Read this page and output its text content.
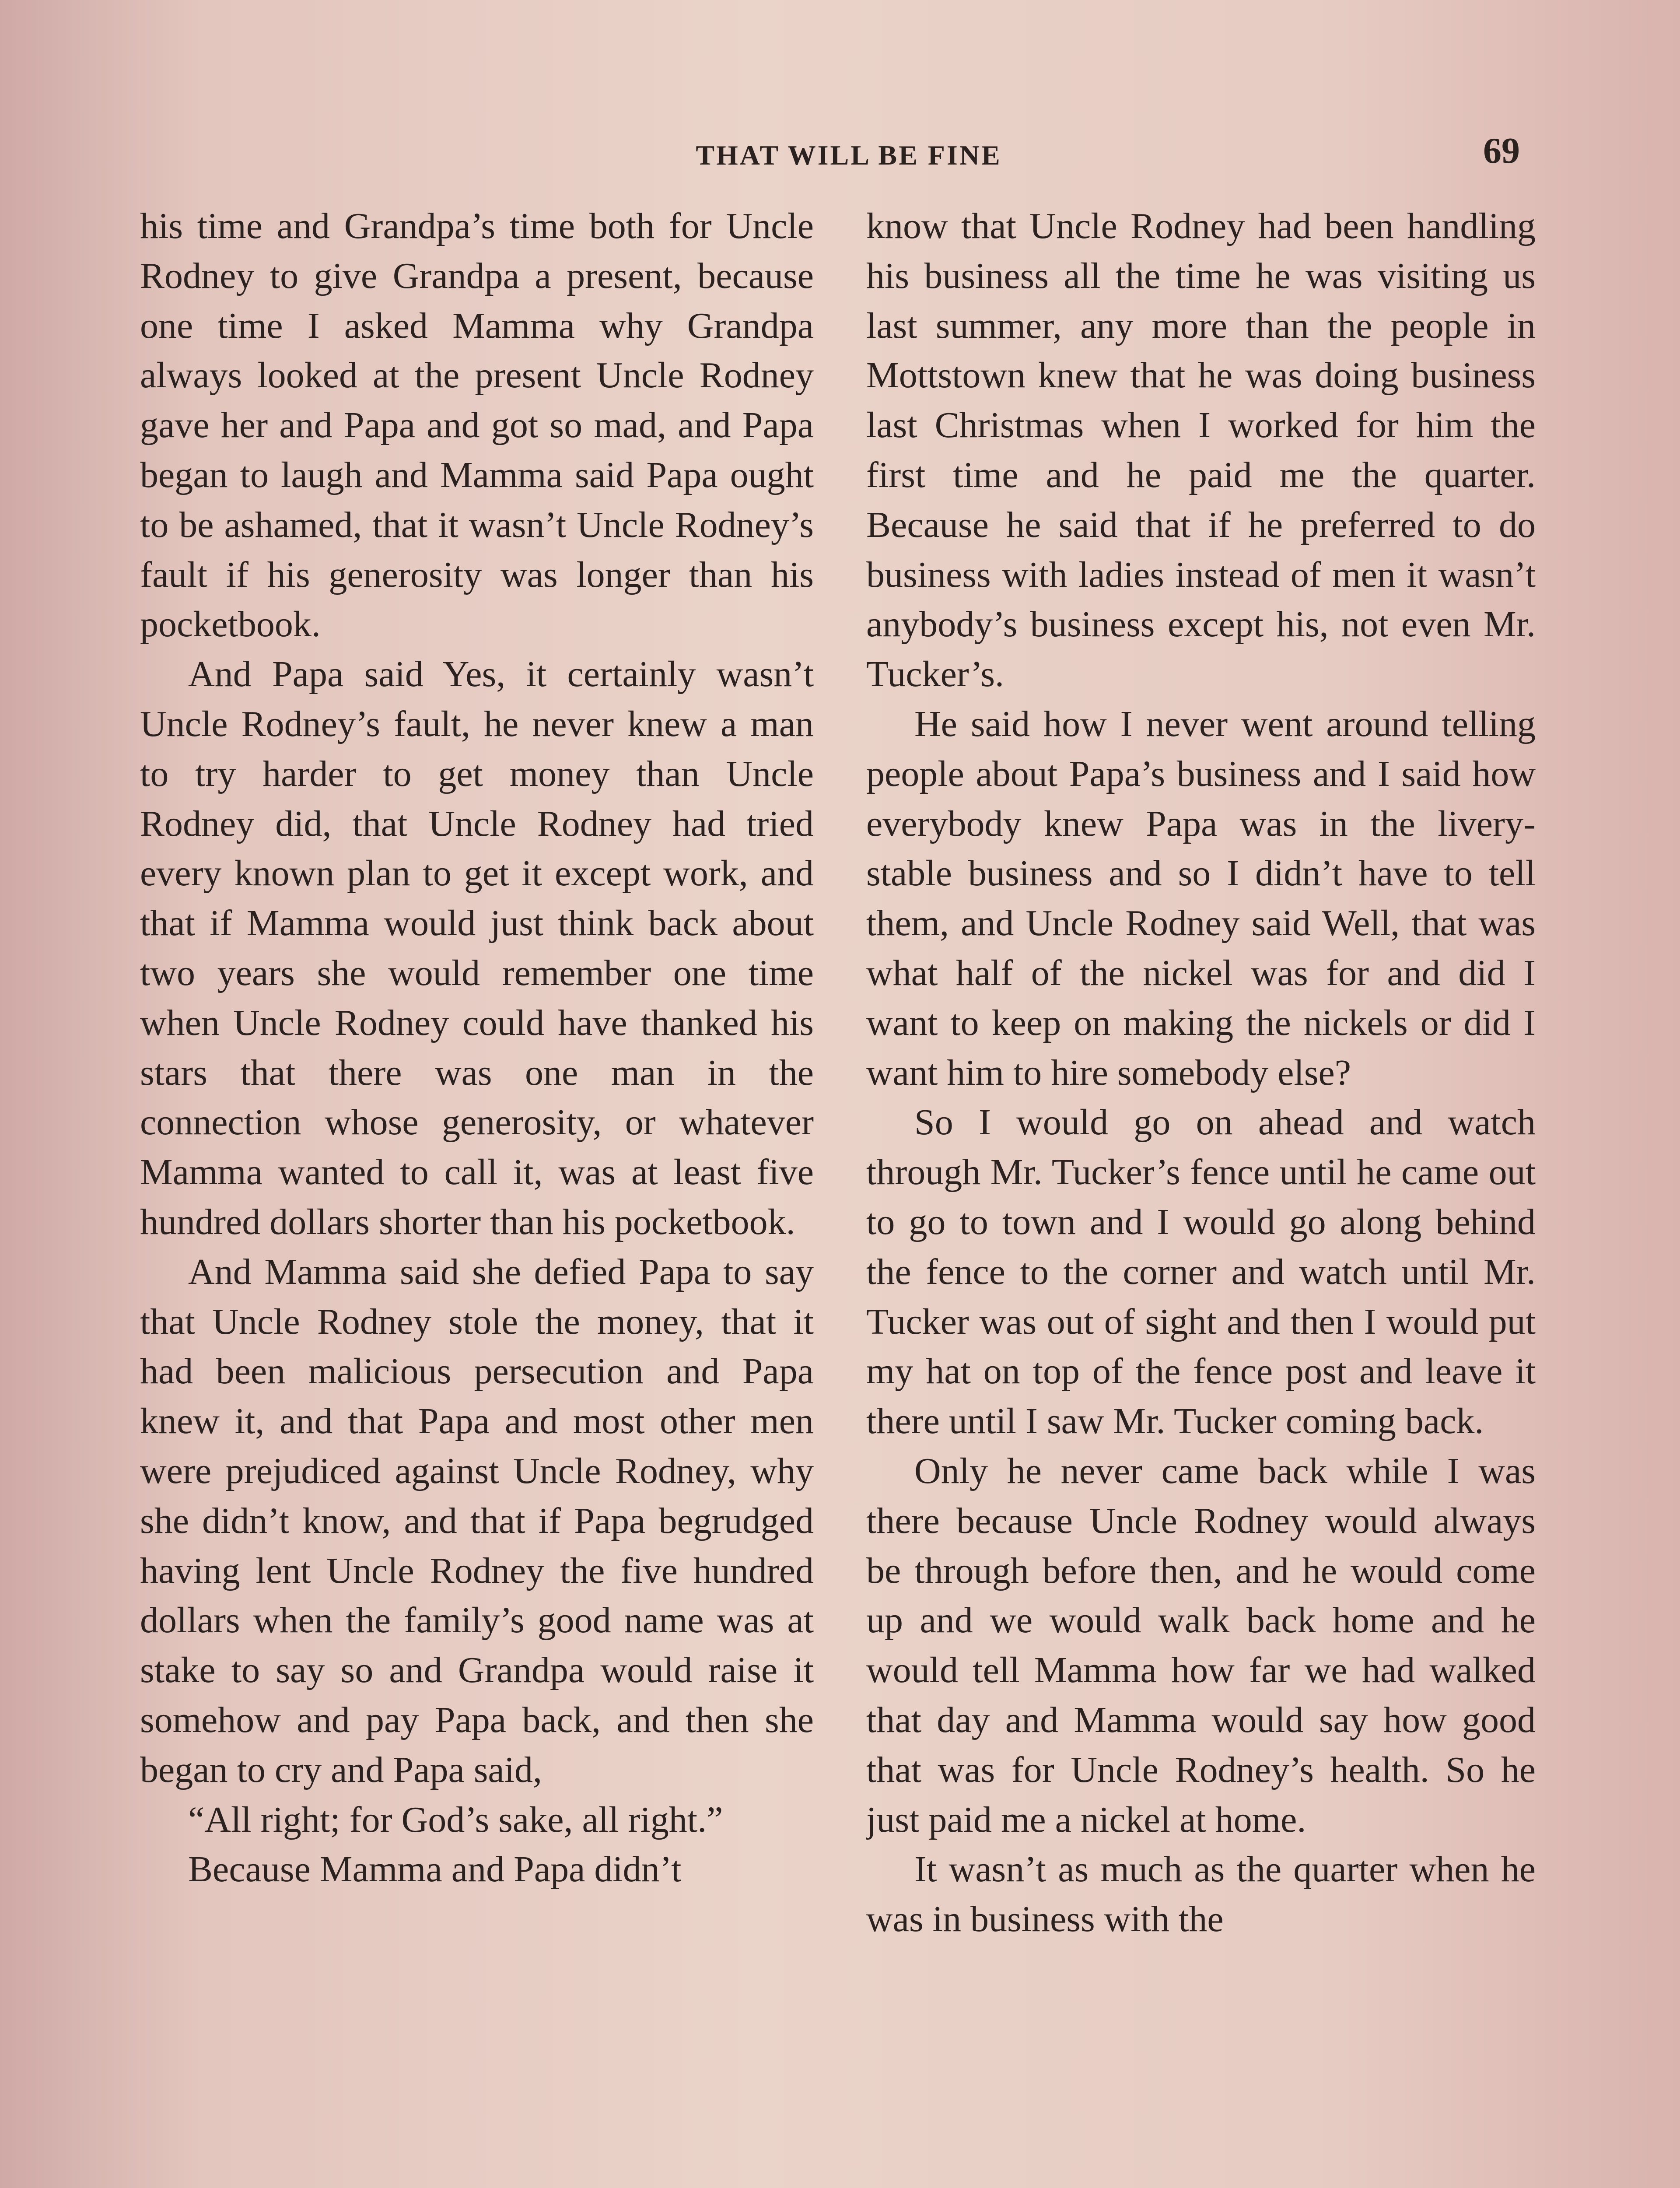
THAT WILL BE FINE	69

his time and Grandpa’s time both for Uncle Rodney to give Grandpa a present, because one time I asked Mamma why Grandpa always looked at the present Uncle Rodney gave her and Papa and got so mad, and Papa began to laugh and Mamma said Papa ought to be ashamed, that it wasn’t Uncle Rodney’s fault if his generosity was longer than his pocketbook.

And Papa said Yes, it certainly wasn’t Uncle Rodney’s fault, he never knew a man to try harder to get money than Uncle Rodney did, that Uncle Rodney had tried every known plan to get it except work, and that if Mamma would just think back about two years she would remember one time when Uncle Rodney could have thanked his stars that there was one man in the connection whose generosity, or whatever Mamma wanted to call it, was at least five hundred dollars shorter than his pocketbook.

And Mamma said she defied Papa to say that Uncle Rodney stole the money, that it had been malicious persecution and Papa knew it, and that Papa and most other men were prejudiced against Uncle Rodney, why she didn’t know, and that if Papa begrudged having lent Uncle Rodney the five hundred dollars when the family’s good name was at stake to say so and Grandpa would raise it somehow and pay Papa back, and then she began to cry and Papa said,

“All right; for God’s sake, all right.”

Because Mamma and Papa didn’t

know that Uncle Rodney had been handling his business all the time he was visiting us last summer, any more than the people in Mottstown knew that he was doing business last Christmas when I worked for him the first time and he paid me the quarter. Because he said that if he preferred to do business with ladies instead of men it wasn’t anybody’s business except his, not even Mr. Tucker’s.

He said how I never went around telling people about Papa’s business and I said how everybody knew Papa was in the livery-stable business and so I didn’t have to tell them, and Uncle Rodney said Well, that was what half of the nickel was for and did I want to keep on making the nickels or did I want him to hire somebody else?

So I would go on ahead and watch through Mr. Tucker’s fence until he came out to go to town and I would go along behind the fence to the corner and watch until Mr. Tucker was out of sight and then I would put my hat on top of the fence post and leave it there until I saw Mr. Tucker coming back.

Only he never came back while I was there because Uncle Rodney would always be through before then, and he would come up and we would walk back home and he would tell Mamma how far we had walked that day and Mamma would say how good that was for Uncle Rodney’s health. So he just paid me a nickel at home.

It wasn’t as much as the quarter when he was in business with the
